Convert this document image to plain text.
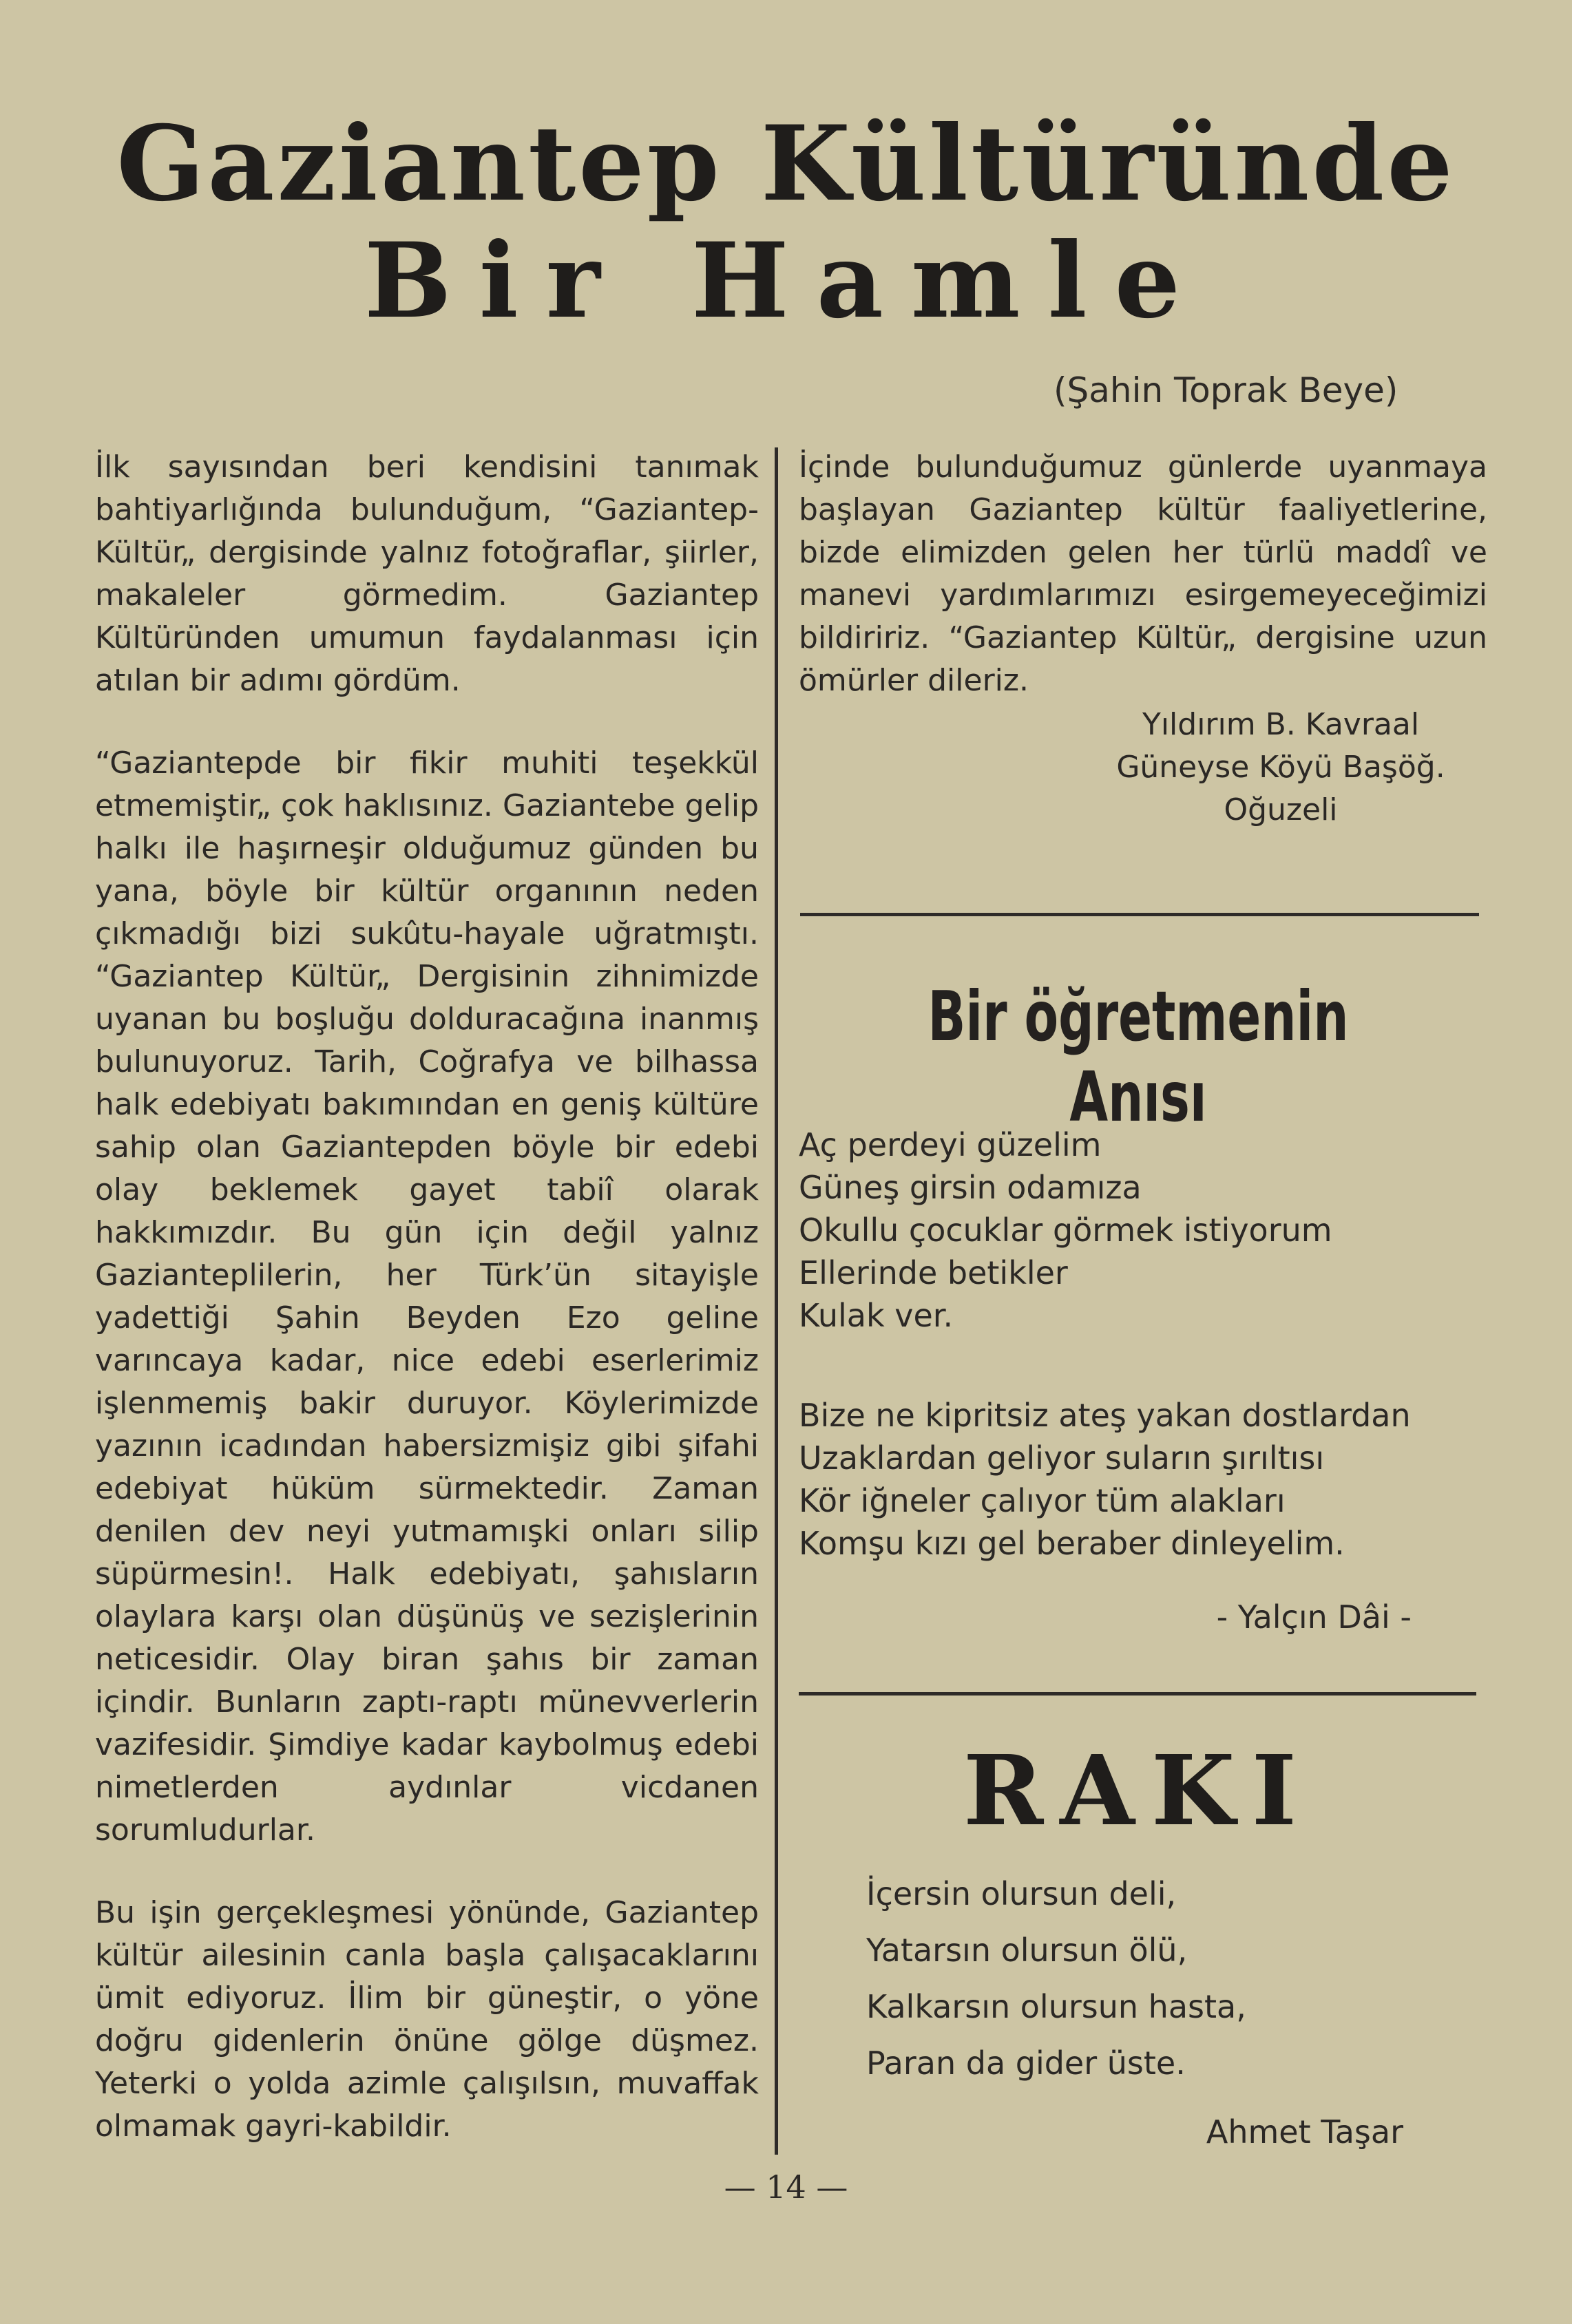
Gaziantep Kültüründe
Bir Hamle

(Şahin Toprak Beye)

İlk sayısından beri kendisini tanımak bahtiyarlığında bulunduğum, “Gaziantep-Kültür„ dergisinde yalnız fotoğraflar, şiirler, makaleler görmedim. Gaziantep Kültüründen umumun faydalanması için atılan bir adımı gördüm.

“Gaziantepde bir fikir muhiti teşekkül etmemiştir„ çok haklısınız. Gaziantebe gelip halkı ile haşırneşir olduğumuz günden bu yana, böyle bir kültür organının neden çıkmadığı bizi sukûtu-hayale uğratmıştı. “Gaziantep Kültür„ Dergisinin zihnimizde uyanan bu boşluğu dolduracağına inanmış bulunuyoruz. Tarih, Coğrafya ve bilhassa halk edebiyatı bakımından en geniş kültüre sahip olan Gaziantepden böyle bir edebi olay beklemek gayet tabiî olarak hakkımızdır. Bu gün için değil yalnız Gazianteplilerin, her Türk’ün sitayişle yadettiği Şahin Beyden Ezo geline varıncaya kadar, nice edebi eserlerimiz işlenmemiş bakir duruyor. Köylerimizde yazının icadından habersizmişiz gibi şifahi edebiyat hüküm sürmektedir. Zaman denilen dev neyi yutmamışki onları silip süpürmesin!. Halk edebiyatı, şahısların olaylara karşı olan düşünüş ve sezişlerinin neticesidir. Olay biran şahıs bir zaman içindir. Bunların zaptı-raptı münevverlerin vazifesidir. Şimdiye kadar kaybolmuş edebi nimetlerden aydınlar vicdanen sorumludurlar.

Bu işin gerçekleşmesi yönünde, Gaziantep kültür ailesinin canla başla çalışacaklarını ümit ediyoruz. İlim bir güneştir, o yöne doğru gidenlerin önüne gölge düşmez. Yeterki o yolda azimle çalışılsın, muvaffak olmamak gayri-kabildir.

İçinde bulunduğumuz günlerde uyanmaya başlayan Gaziantep kültür faaliyetlerine, bizde elimizden gelen her türlü maddî ve manevi yardımlarımızı esirgemeyeceğimizi bildiririz. “Gaziantep Kültür„ dergisine uzun ömürler dileriz.

Yıldırım B. Kavraal
Güneyse Köyü Başöğ.
Oğuzeli
Bir öğretmenin Anısı
Aç perdeyi güzelim
Güneş girsin odamıza
Okullu çocuklar görmek istiyorum
Ellerinde betikler
Kulak ver.
Bize ne kipritsiz ateş yakan dostlardan
Uzaklardan geliyor suların şırıltısı
Kör iğneler çalıyor tüm alakları
Komşu kızı gel beraber dinleyelim.

- Yalçın Dâi -

RAKI
İçersin olursun deli,
Yatarsın olursun ölü,
Kalkarsın olursun hasta,
Paran da gider üste.

Ahmet Taşar

— 14 —
